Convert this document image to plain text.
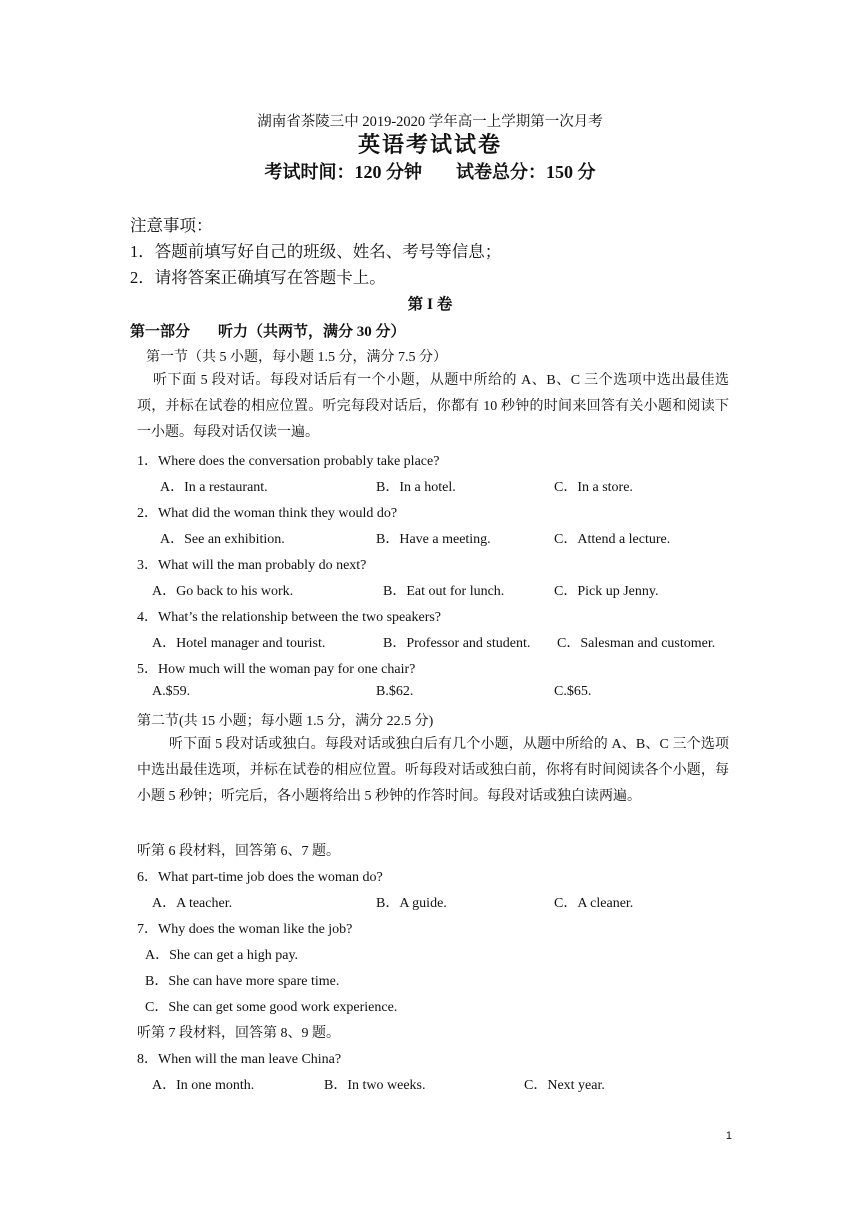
湖南省茶陵三中 2019-2020 学年高一上学期第一次月考
英语考试试卷
考试时间：120 分钟 试卷总分：150 分
注意事项：
1．答题前填写好自己的班级、姓名、考号等信息；
2．请将答案正确填写在答题卡上。
第 I 卷
第一部分 听力（共两节，满分 30 分）
第一节（共 5 小题，每小题 1.5 分，满分 7.5 分）
听下面 5 段对话。每段对话后有一个小题，从题中所给的 A、B、C 三个选项中选出最佳选项，并标在试卷的相应位置。听完每段对话后，你都有 10 秒钟的时间来回答有关小题和阅读下一小题。每段对话仅读一遍。
1．Where does the conversation probably take place?
A．In a restaurant.	B．In a hotel.	C．In a store.
2．What did the woman think they would do?
A．See an exhibition.	B．Have a meeting.	C．Attend a lecture.
3．What will the man probably do next?
A．Go back to his work.	B．Eat out for lunch.	C．Pick up Jenny.
4．What’s the relationship between the two speakers?
A．Hotel manager and tourist.	B．Professor and student. C．Salesman and customer.
5．How much will the woman pay for one chair?
A.$59.	B.$62.	C.$65.
第二节(共 15 小题；每小题 1.5 分，满分 22.5 分)
听下面 5 段对话或独白。每段对话或独白后有几个小题，从题中所给的 A、B、C 三个选项中选出最佳选项，并标在试卷的相应位置。听每段对话或独白前，你将有时间阅读各个小题，每小题 5 秒钟；听完后，各小题将给出 5 秒钟的作答时间。每段对话或独白读两遍。
听第 6 段材料，回答第 6、7 题。
6．What part-time job does the woman do?
A．A teacher.	B．A guide.	C．A cleaner.
7．Why does the woman like the job?
A．She can get a high pay.
B．She can have more spare time.
C．She can get some good work experience.
听第 7 段材料，回答第 8、9 题。
8．When will the man leave China?
A．In one month.	B．In two weeks.	C．Next year.
1
